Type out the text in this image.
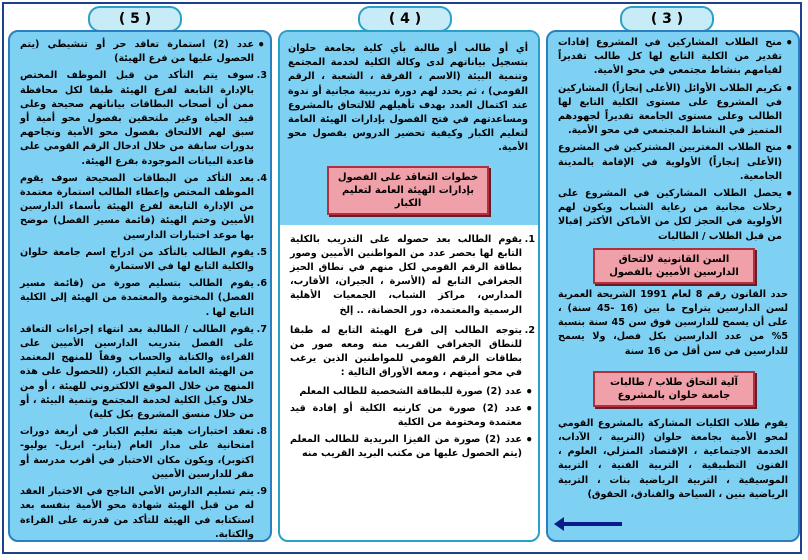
( 3 )
( 4 )
( 5 )
• منح الطلاب المشاركين في المشروع إفادات تقدير من الكلية التابع لها كل طالب تقديراً لقيامهم بنشاط مجتمعي في محو الأمية.
• تكريم الطلاب الأوائل (الأعلى إنجازاً) المشاركين في المشروع على مستوى الكلية التابع لها الطالب وعلى مستوى الجامعة تقديراً لجهودهم المتميز في النشاط المجتمعي في محو الأمية.
• منح الطلاب المغتربين المشتركين في المشروع (الأعلى إنجازاً) الأولوية في الإقامة بالمدينة الجامعية.
• يحصل الطلاب المشاركين في المشروع على رحلات مجانية من رعاية الشباب ويكون لهم الأولوية في الحجز لكل من الأماكن الأكثر إقبالا من قبل الطلاب / الطالبات
السن القانونية لالتحاق الدارسين الأميين بالفصول
حدد القانون رقم 8 لعام 1991 الشريحة العمرية لسن الدارسين يتراوح ما بين (16 -45 سنة) ، على أن يسمح للدارسين فوق سن 45 سنة بنسبة 5% من عدد الدارسين بكل فصل، ولا يسمح للدارسين في سن أقل من 16 سنة
آلية التحاق طلاب / طالبات جامعة حلوان بالمشروع
يقوم طلاب الكليات المشاركة بالمشروع القومي لمحو الأمية بجامعة حلوان (التربية ، الآداب، الخدمة الاجتماعية ، الإقتصاد المنزلي، العلوم ، الفنون التطبيقية ، التربية الفنية ، التربية الموسيقية ، التربية الرياضية بنات ، التربية الرياضية بنين ، السياحة والفنادق، الحقوق)
أي أو طالب أو طالبة بأي كلية بجامعة حلوان بتسجيل بياناتهم لدى وكالة الكلية لخدمة المجتمع وتنمية البيئة (الاسم ، الفرقة ، الشعبة ، الرقم القومي) ، ثم يحدد لهم دورة تدريبية مجانية أو ندوة عند اكتمال العدد بهدف تأهيلهم للالتحاق بالمشروع ومساعدتهم في فتح الفصول بإدارات الهيئة العامة لتعليم الكبار وكيفية تحضير الدروس بفصول محو الأمية.
خطوات التعاقد على الفصول بإدارات الهيئة العامة لتعليم الكبار
1.
يقوم الطالب بعد حصوله على التدريب بالكلية التابع لها بحصر عدد من المواطنين الأميين وصور بطاقة الرقم القومي لكل منهم في نطاق الحيز الجغرافي التابع له (الأسرة ، الجيران، الأقارب، المدارس، مراكز الشباب، الجمعيات الأهلية الرسمية والمعتمدة، دور الحضانة، .. إلخ
2.
يتوجه الطالب إلى فرع الهيئة التابع له طبقا للنطاق الجغرافي القريب منه ومعه صور من بطاقات الرقم القومي للمواطنين الذين يرغب في محو أميتهم ، ومعه الأوراق التالية :
• عدد (2) صورة للبطاقة الشخصية للطالب المعلم
• عدد (2) صورة من كارنيه الكلية أو إفادة قيد معتمدة ومختومة من الكلية
• عدد (2) صورة من الفيزا البريدية للطالب المعلم (يتم الحصول عليها من مكتب البريد القريب منه
• عدد (2) استمارة تعاقد حر أو تنشيطي (يتم الحصول عليها من فرع الهيئة)
3.
سوف يتم التأكد من قبل الموظف المختص بالإدارة التابعة لفرع الهيئة طبقا لكل محافظة ممن أن أصحاب البطاقات بياناتهم صحيحة وعلى قيد الحياة وغير ملتحقين بفصول محو أمية أو سبق لهم الالتحاق بفصول محو الأمية ونجاحهم بدورات سابقة من خلال ادخال الرقم القومي على قاعدة البيانات الموجودة بفرع الهيئة.
4.
بعد التأكد من البطاقات الصحيحة سوف يقوم الموظف المختص وإعطاء الطالب استمارة معتمدة من الإدارة التابعة لفرع الهيئة بأسماء الدارسين الأميين وختم الهيئة (قائمة مسير الفصل) موضح بها موعد اختبارات الدارسين
5.
يقوم الطالب بالتأكد من ادراج اسم جامعة حلوان والكلية التابع لها في الاستمارة
6.
يقوم الطالب بتسليم صورة من (قائمة مسير الفصل) المختومة والمعتمدة من الهيئة إلى الكلية التابع لها .
7.
يقوم الطالب / الطالبة بعد انتهاء إجراءات التعاقد على الفصل بتدريب الدارسين الأميين على القراءة والكتابة والحساب وفقاً للمنهج المعتمد من الهيئة العامة لتعليم الكبار، (للحصول على هذه المنهج من خلال الموقع الالكتروني للهيئة ، أو من خلال وكيل الكلية لخدمة المجتمع وتنمية البيئة ، أو من خلال منسق المشروع بكل كلية)
8.
تعقد اختبارات هيئة تعليم الكبار في أربعة دورات امتحانية على مدار العام (يناير- ابريل- يوليو- اكتوبر)، ويكون مكان الاختبار في أقرب مدرسة أو مقر للدارسين الأميين
9.
يتم تسليم الدارس الأمي الناجح في الاختبار العقد له من قبل الهيئة شهادة محو الأمية بنفسه بعد استكتابه في الهيئة للتأكد من قدرته على القراءة والكتابة.
